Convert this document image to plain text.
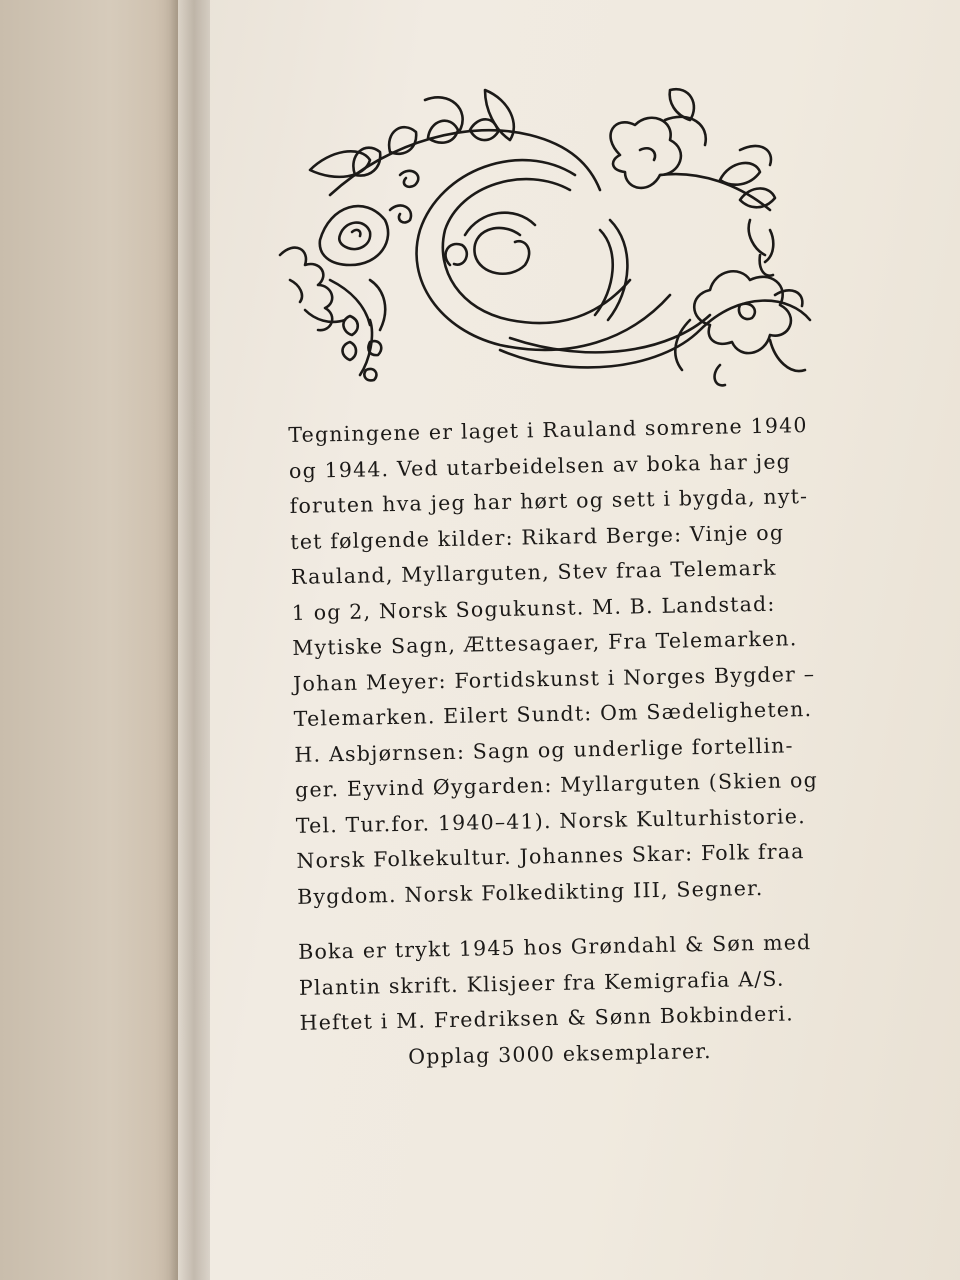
Tegningene er laget i Rauland somrene 1940
og 1944. Ved utarbeidelsen av boka har jeg
foruten hva jeg har hørt og sett i bygda, nyt-
tet følgende kilder: Rikard Berge: Vinje og
Rauland, Myllarguten, Stev fraa Telemark
1 og 2, Norsk Sogukunst. M. B. Landstad:
Mytiske Sagn, Ættesagaer, Fra Telemarken.
Johan Meyer: Fortidskunst i Norges Bygder –
Telemarken. Eilert Sundt: Om Sædeligheten.
H. Asbjørnsen: Sagn og underlige fortellin-
ger. Eyvind Øygarden: Myllarguten (Skien og
Tel. Tur.for. 1940–41). Norsk Kulturhistorie.
Norsk Folkekultur. Johannes Skar: Folk fraa
Bygdom. Norsk Folkedikting III, Segner.
Boka er trykt 1945 hos Grøndahl & Søn med
Plantin skrift. Klisjeer fra Kemigrafia A/S.
Heftet i M. Fredriksen & Sønn Bokbinderi.
Opplag 3000 eksemplarer.
